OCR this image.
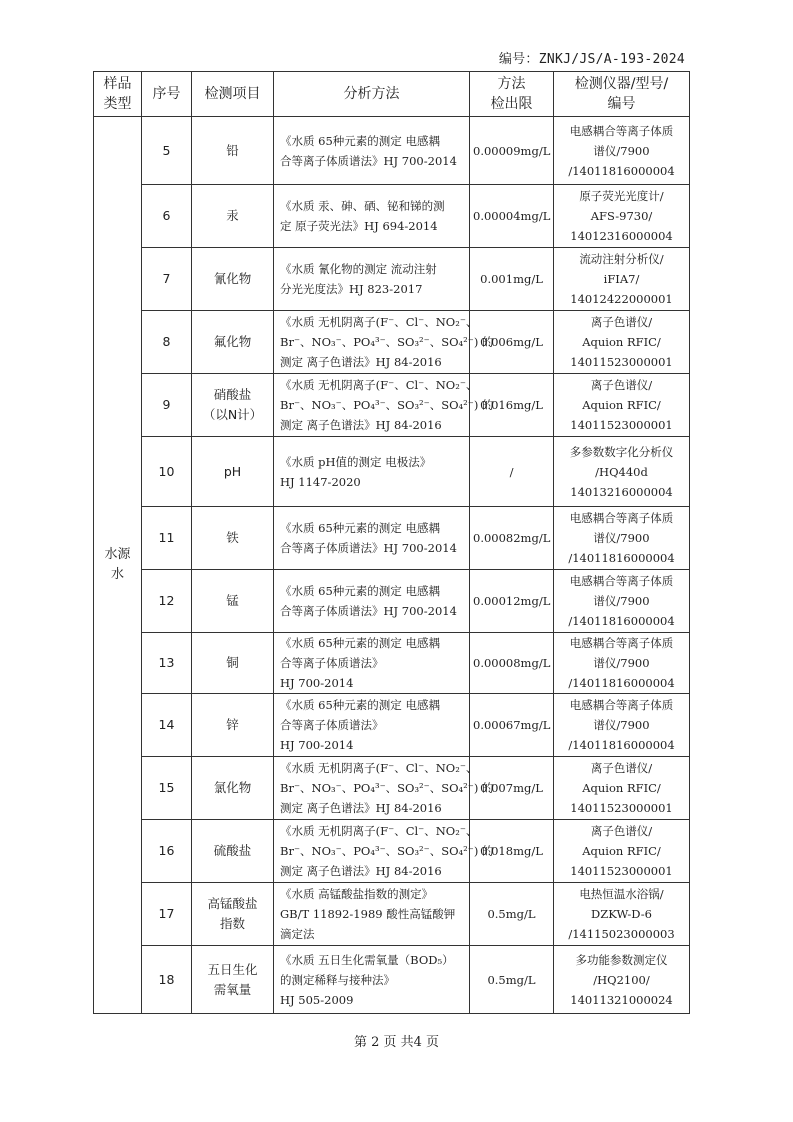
编号：ZNKJ/JS/A-193-2024
样品
类型	序号	检测项目	分析方法	方法
检出限	检测仪器/型号/
编号

水源
水	5	铅	《水质 65种元素的测定 电感耦
合等离子体质谱法》HJ 700-2014	0.00009mg/L	电感耦合等离子体质
谱仪/7900
/14011816000004

	6	汞	《水质 汞、砷、硒、铋和锑的测
定 原子荧光法》HJ 694-2014	0.00004mg/L	原子荧光光度计/
AFS-9730/
14012316000004

	7	氰化物	《水质 氰化物的测定 流动注射
分光光度法》HJ 823-2017	0.001mg/L	流动注射分析仪/
iFIA7/
14012422000001

	8	氟化物	《水质 无机阴离子(F⁻、Cl⁻、NO₂⁻、
Br⁻、NO₃⁻、PO₄³⁻、SO₃²⁻、SO₄²⁻) 的
测定 离子色谱法》HJ 84-2016	0.006mg/L	离子色谱仪/
Aquion RFIC/
14011523000001

	9	硝酸盐
（以N计）	《水质 无机阴离子(F⁻、Cl⁻、NO₂⁻、
Br⁻、NO₃⁻、PO₄³⁻、SO₃²⁻、SO₄²⁻) 的
测定 离子色谱法》HJ 84-2016	0.016mg/L	离子色谱仪/
Aquion RFIC/
14011523000001

	10	pH	《水质 pH值的测定 电极法》
HJ 1147-2020	/	多参数数字化分析仪
/HQ440d
14013216000004

	11	铁	《水质 65种元素的测定 电感耦
合等离子体质谱法》HJ 700-2014	0.00082mg/L	电感耦合等离子体质
谱仪/7900
/14011816000004

	12	锰	《水质 65种元素的测定 电感耦
合等离子体质谱法》HJ 700-2014	0.00012mg/L	电感耦合等离子体质
谱仪/7900
/14011816000004

	13	铜	《水质 65种元素的测定 电感耦
合等离子体质谱法》
HJ 700-2014	0.00008mg/L	电感耦合等离子体质
谱仪/7900
/14011816000004

	14	锌	《水质 65种元素的测定 电感耦
合等离子体质谱法》
HJ 700-2014	0.00067mg/L	电感耦合等离子体质
谱仪/7900
/14011816000004

	15	氯化物	《水质 无机阴离子(F⁻、Cl⁻、NO₂⁻、
Br⁻、NO₃⁻、PO₄³⁻、SO₃²⁻、SO₄²⁻) 的
测定 离子色谱法》HJ 84-2016	0.007mg/L	离子色谱仪/
Aquion RFIC/
14011523000001

	16	硫酸盐	《水质 无机阴离子(F⁻、Cl⁻、NO₂⁻、
Br⁻、NO₃⁻、PO₄³⁻、SO₃²⁻、SO₄²⁻) 的
测定 离子色谱法》HJ 84-2016	0.018mg/L	离子色谱仪/
Aquion RFIC/
14011523000001

	17	高锰酸盐
指数	《水质 高锰酸盐指数的测定》
GB/T 11892-1989 酸性高锰酸钾
滴定法	0.5mg/L	电热恒温水浴锅/
DZKW-D-6
/14115023000003

	18	五日生化
需氧量	《水质 五日生化需氧量（BOD₅）
的测定稀释与接种法》
HJ 505-2009	0.5mg/L	多功能参数测定仪
/HQ2100/
14011321000024
第 2 页 共4 页
